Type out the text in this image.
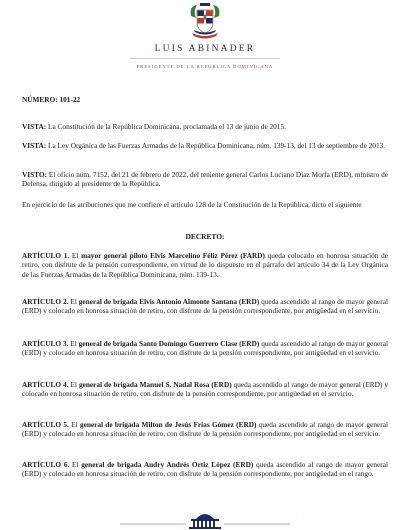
LUIS ABINADER
PRESIDENTE DE LA REPÚBLICA DOMINICANA
NÚMERO: 101-22

VISTA: La Constitución de la República Dominicana, proclamada el 13 de junio de 2015.

VISTA: La Ley Orgánica de las Fuerzas Armadas de la República Dominicana, núm. 139-13, del 13 de septiembre de 2013.

VISTO: El oficio núm. 7152, del 21 de febrero de 2022, del teniente general Carlos Luciano Díaz Morfa (ERD), ministro de Defensa, dirigido al presidente de la República.

En ejercicio de las atribuciones que me confiere el artículo 128 de la Constitución de la República, dicto el siguiente

DECRETO:

ARTÍCULO 1. El mayor general piloto Elvis Marcelino Féliz Pérez (FARD) queda colocado en honrosa situación de retiro, con disfrute de la pensión correspondiente, en virtud de lo dispuesto en el párrafo del artículo 34 de la Ley Orgánica de las Fuerzas Armadas de la República Dominicana, núm. 139-13.

ARTÍCULO 2. El general de brigada Elvis Antonio Almonte Santana (ERD) queda ascendido al rango de mayor general (ERD) y colocado en honrosa situación de retiro, con disfrute de la pensión correspondiente, por antigüedad en el servicio.

ARTÍCULO 3. El general de brigada Santo Domingo Guerrero Clase (ERD) queda ascendido al rango de mayor general (ERD) y colocado en honrosa situación de retiro, con disfrute de la pensión correspondiente, por antigüedad en el servicio.

ARTÍCULO 4. El general de brigada Manuel S. Nadal Rosa (ERD) queda ascendido al rango de mayor general (ERD) y colocado en honrosa situación de retiro, con disfrute de la pensión correspondiente, por antigüedad en el servicio.

ARTÍCULO 5. El general de brigada Milton de Jesús Frías Gómez (ERD) queda ascendido al rango de mayor general (ERD) y colocado en honrosa situación de retiro, con disfrute de la pensión correspondiente, por antigüedad en el servicio.

ARTÍCULO 6. El general de brigada Audry Andrés Ortiz López (ERD) queda ascendido al rango de mayor general (ERD) y colocado en honrosa situación de retiro, con disfrute de la pensión correspondiente, por antigüedad en el rango.
